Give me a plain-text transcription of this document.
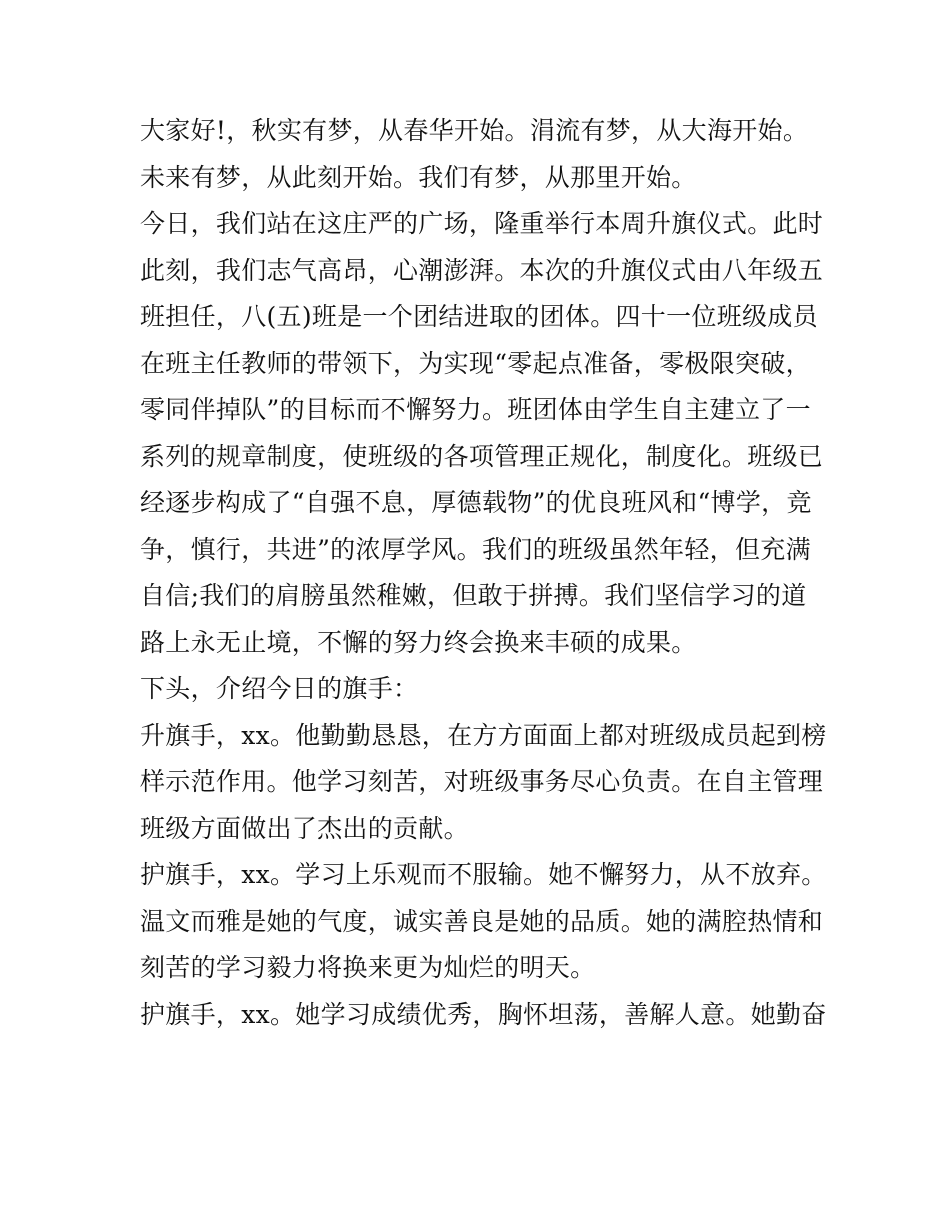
大家好!，秋实有梦，从春华开始。涓流有梦，从大海开始。
未来有梦，从此刻开始。我们有梦，从那里开始。
今日，我们站在这庄严的广场，隆重举行本周升旗仪式。此时
此刻，我们志气高昂，心潮澎湃。本次的升旗仪式由八年级五
班担任，八(五)班是一个团结进取的团体。四十一位班级成员
在班主任教师的带领下，为实现“零起点准备，零极限突破，
零同伴掉队”的目标而不懈努力。班团体由学生自主建立了一
系列的规章制度，使班级的各项管理正规化，制度化。班级已
经逐步构成了“自强不息，厚德载物”的优良班风和“博学，竞
争，慎行，共进”的浓厚学风。我们的班级虽然年轻，但充满
自信;我们的肩膀虽然稚嫩，但敢于拼搏。我们坚信学习的道
路上永无止境，不懈的努力终会换来丰硕的成果。
下头，介绍今日的旗手：
升旗手，xx。他勤勤恳恳，在方方面面上都对班级成员起到榜
样示范作用。他学习刻苦，对班级事务尽心负责。在自主管理
班级方面做出了杰出的贡献。
护旗手，xx。学习上乐观而不服输。她不懈努力，从不放弃。
温文而雅是她的气度，诚实善良是她的品质。她的满腔热情和
刻苦的学习毅力将换来更为灿烂的明天。
护旗手，xx。她学习成绩优秀，胸怀坦荡，善解人意。她勤奋
